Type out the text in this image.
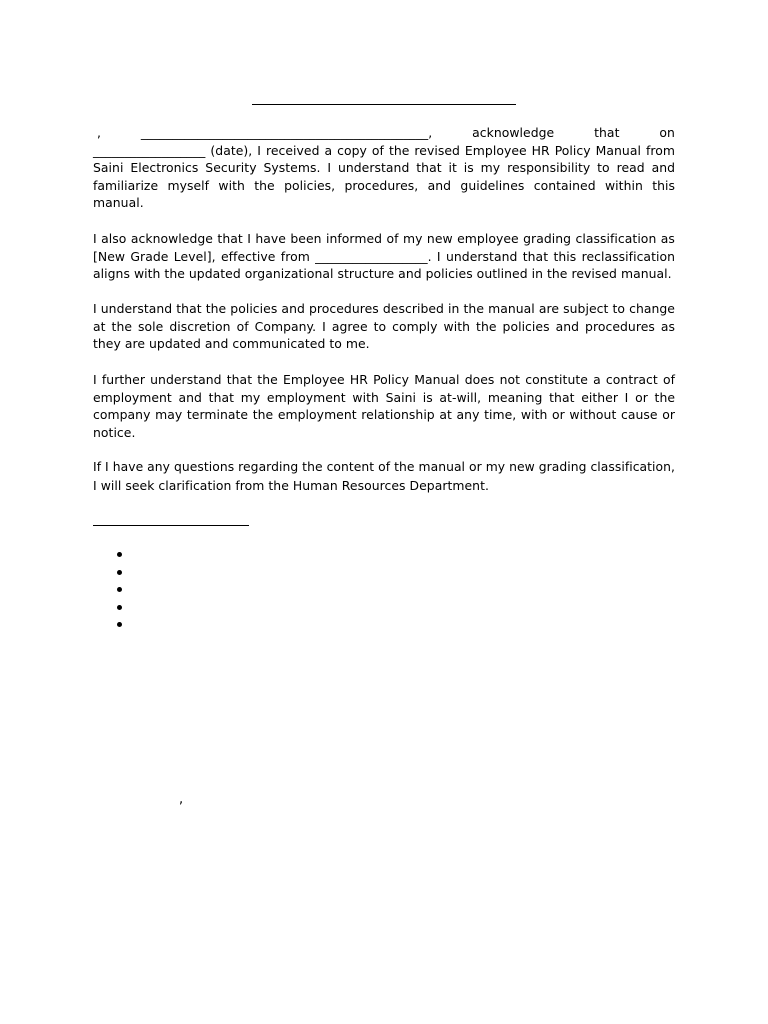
,	______________________________________________,	acknowledge	that	on
__________________ (date), I received a copy of the revised Employee HR Policy Manual from
Saini Electronics Security Systems. I understand that it is my responsibility to read and
familiarize myself with the policies, procedures, and guidelines contained within this
manual.
I also acknowledge that I have been informed of my new employee grading classification as
[New Grade Level], effective from __________________. I understand that this reclassification
aligns with the updated organizational structure and policies outlined in the revised manual.
I understand that the policies and procedures described in the manual are subject to change
at the sole discretion of Company. I agree to comply with the policies and procedures as
they are updated and communicated to me.
I further understand that the Employee HR Policy Manual does not constitute a contract of
employment and that my employment with Saini is at-will, meaning that either I or the
company may terminate the employment relationship at any time, with or without cause or
notice.
If I have any questions regarding the content of the manual or my new grading classification,
I will seek clarification from the Human Resources Department.
,
